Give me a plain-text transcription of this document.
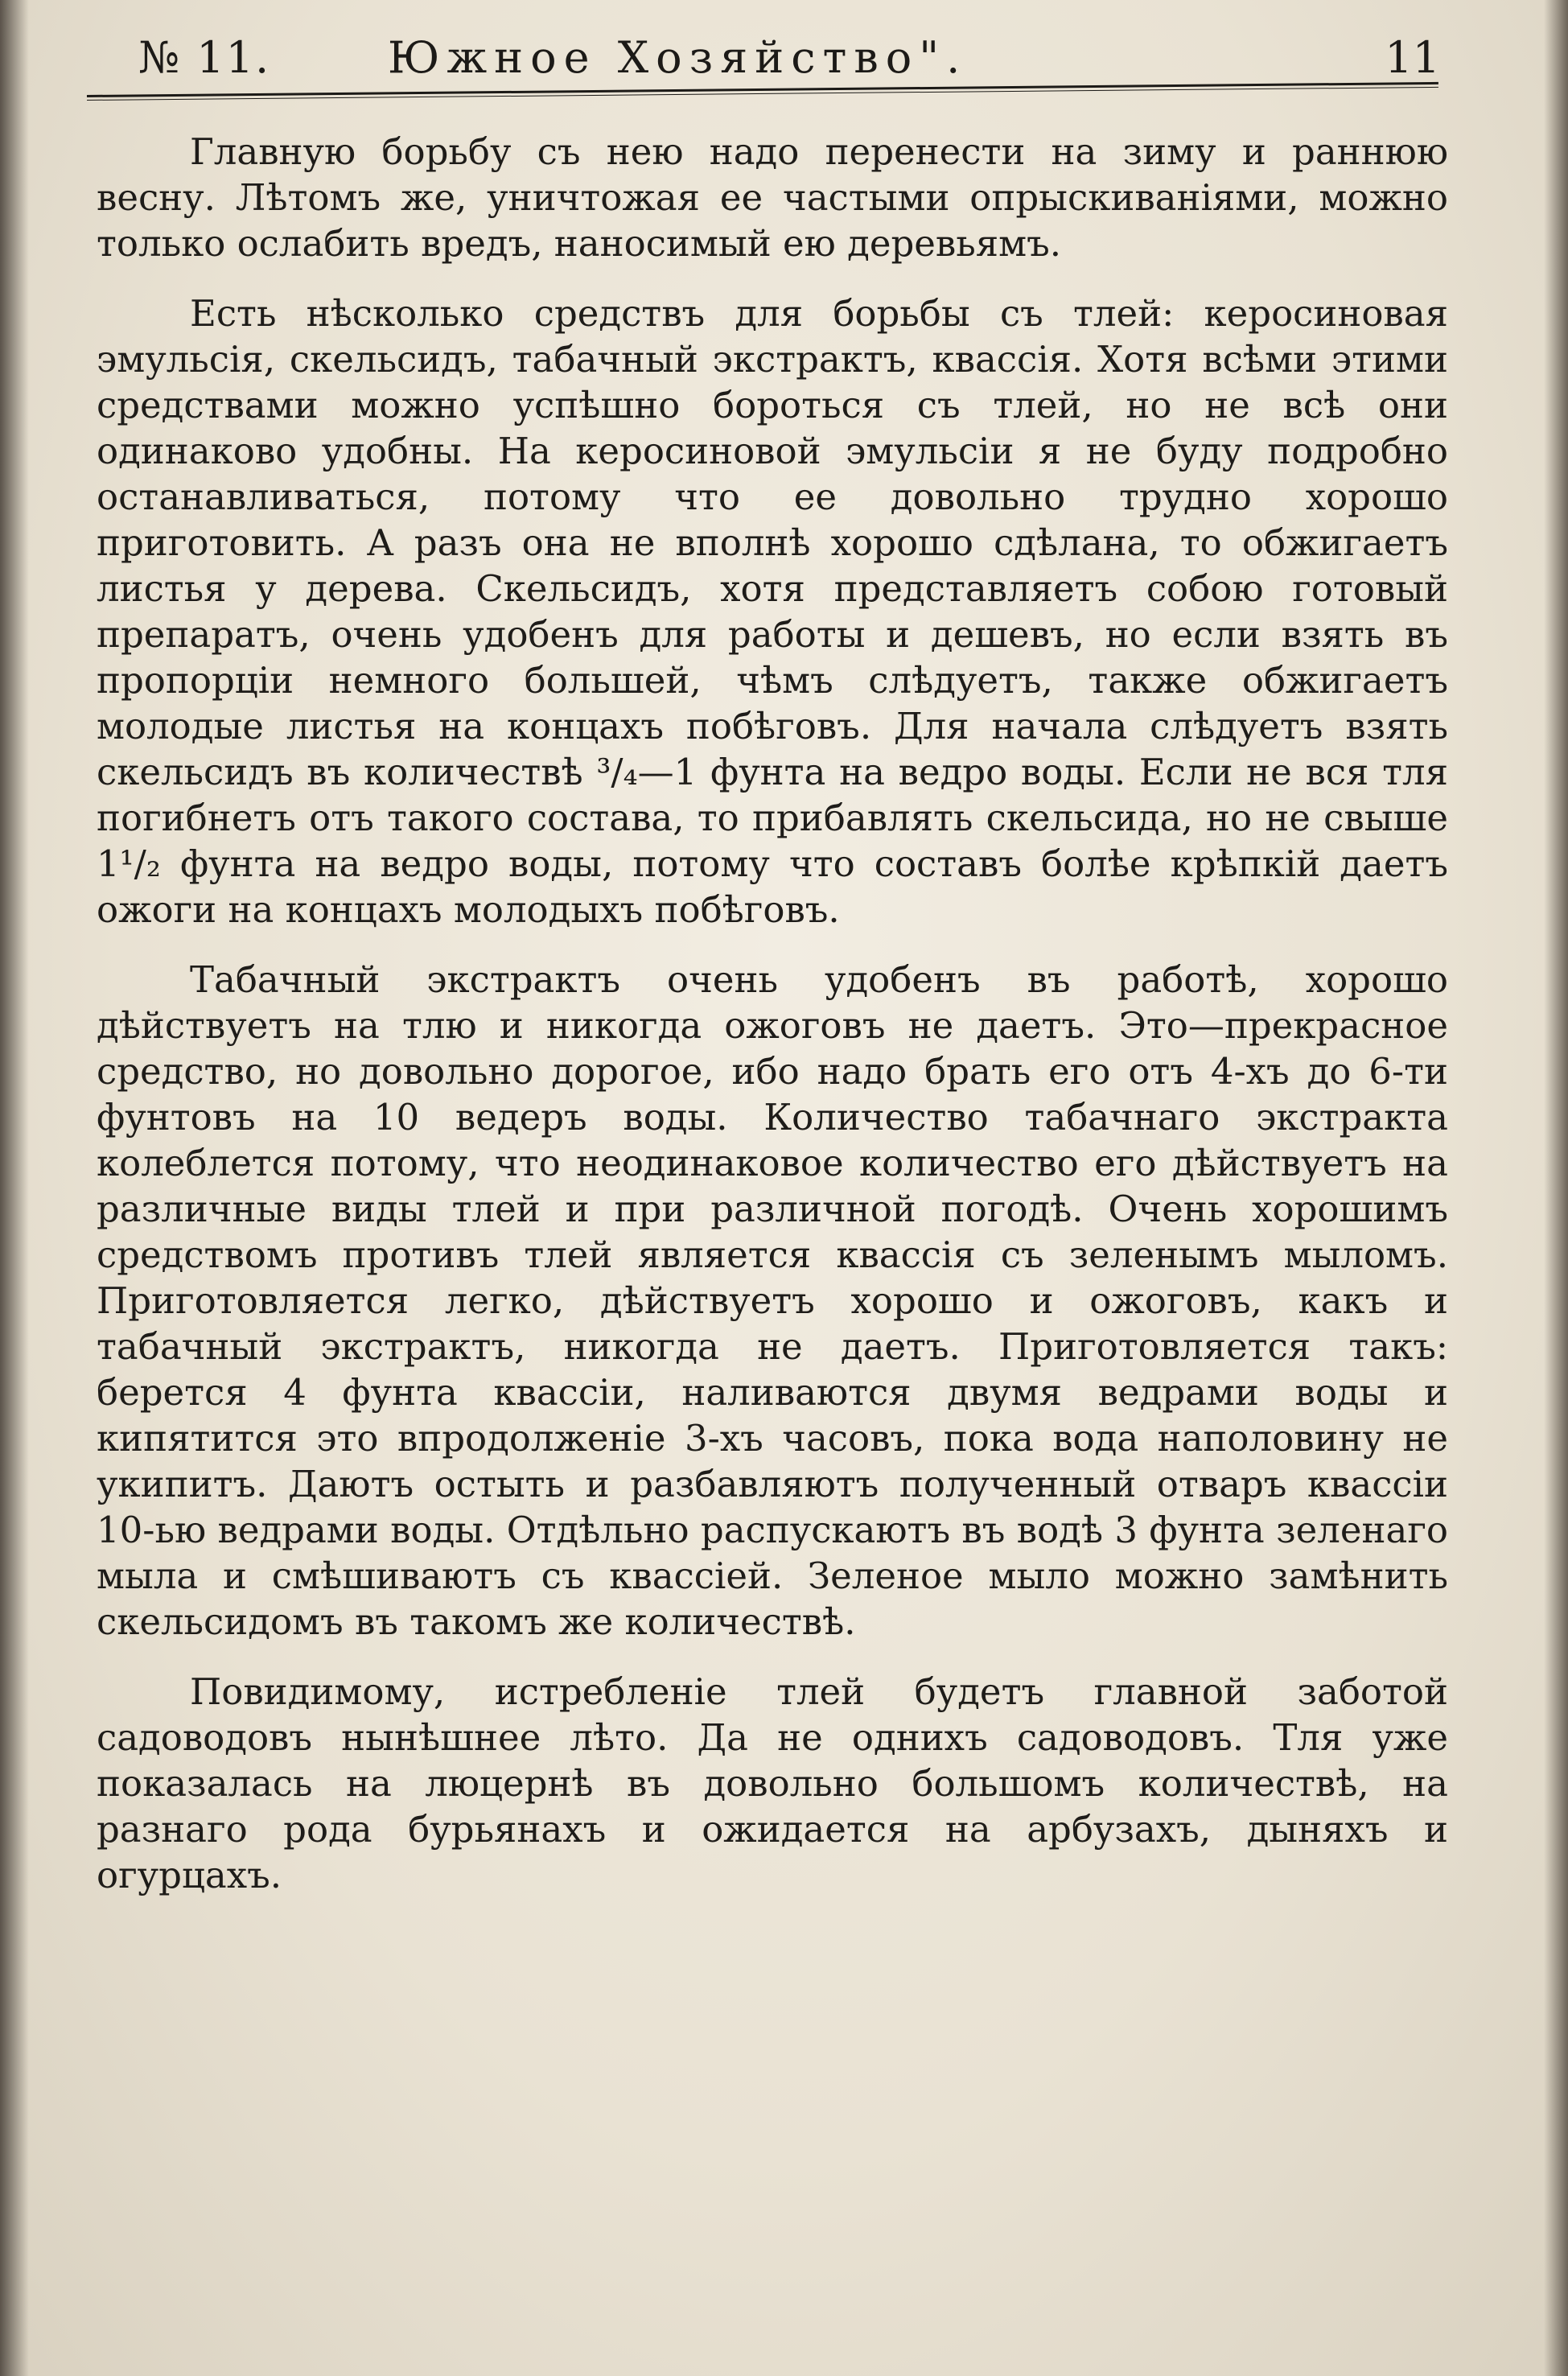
№ 11.	Южное Хозяйство".	11

Главную борьбу съ нею надо перенести на зиму и раннюю весну. Лѣтомъ же, уничтожая ее частыми опрыскиваніями, можно только ослабить вредъ, наносимый ею деревьямъ.

Есть нѣсколько средствъ для борьбы съ тлей: керосиновая эмульсія, скельсидъ, табачный экстрактъ, квассія. Хотя всѣми этими средствами можно успѣшно бороться съ тлей, но не всѣ они одинаково удобны. На керосиновой эмульсіи я не буду подробно останавливаться, потому что ее довольно трудно хорошо приготовить. А разъ она не вполнѣ хорошо сдѣлана, то обжигаетъ листья у дерева. Скельсидъ, хотя представляетъ собою готовый препаратъ, очень удобенъ для работы и дешевъ, но если взять въ пропорціи немного большей, чѣмъ слѣдуетъ, также обжигаетъ молодые листья на концахъ побѣговъ. Для начала слѣдуетъ взять скельсидъ въ количествѣ ³/₄—1 фунта на ведро воды. Если не вся тля погибнетъ отъ такого состава, то прибавлять скельсида, но не свыше 1¹/₂ фунта на ведро воды, потому что составъ болѣе крѣпкій даетъ ожоги на концахъ молодыхъ побѣговъ.

Табачный экстрактъ очень удобенъ въ работѣ, хорошо дѣйствуетъ на тлю и никогда ожоговъ не даетъ. Это—прекрасное средство, но довольно дорогое, ибо надо брать его отъ 4-хъ до 6-ти фунтовъ на 10 ведеръ воды. Количество табачнаго экстракта колеблется потому, что неодинаковое количество его дѣйствуетъ на различные виды тлей и при различной погодѣ. Очень хорошимъ средствомъ противъ тлей является квассія съ зеленымъ мыломъ. Приготовляется легко, дѣйствуетъ хорошо и ожоговъ, какъ и табачный экстрактъ, никогда не даетъ. Приготовляется такъ: берется 4 фунта квассіи, наливаются двумя ведрами воды и кипятится это впродолженіе 3-хъ часовъ, пока вода наполовину не укипитъ. Даютъ остыть и разбавляютъ полученный отваръ квассіи 10-ью ведрами воды. Отдѣльно распускаютъ въ водѣ 3 фунта зеленаго мыла и смѣшиваютъ съ квассіей. Зеленое мыло можно замѣнить скельсидомъ въ такомъ же количествѣ.

Повидимому, истребленіе тлей будетъ главной заботой садоводовъ нынѣшнее лѣто. Да не однихъ садоводовъ. Тля уже показалась на люцернѣ въ довольно большомъ количествѣ, на разнаго рода бурьянахъ и ожидается на арбузахъ, дыняхъ и огурцахъ.
